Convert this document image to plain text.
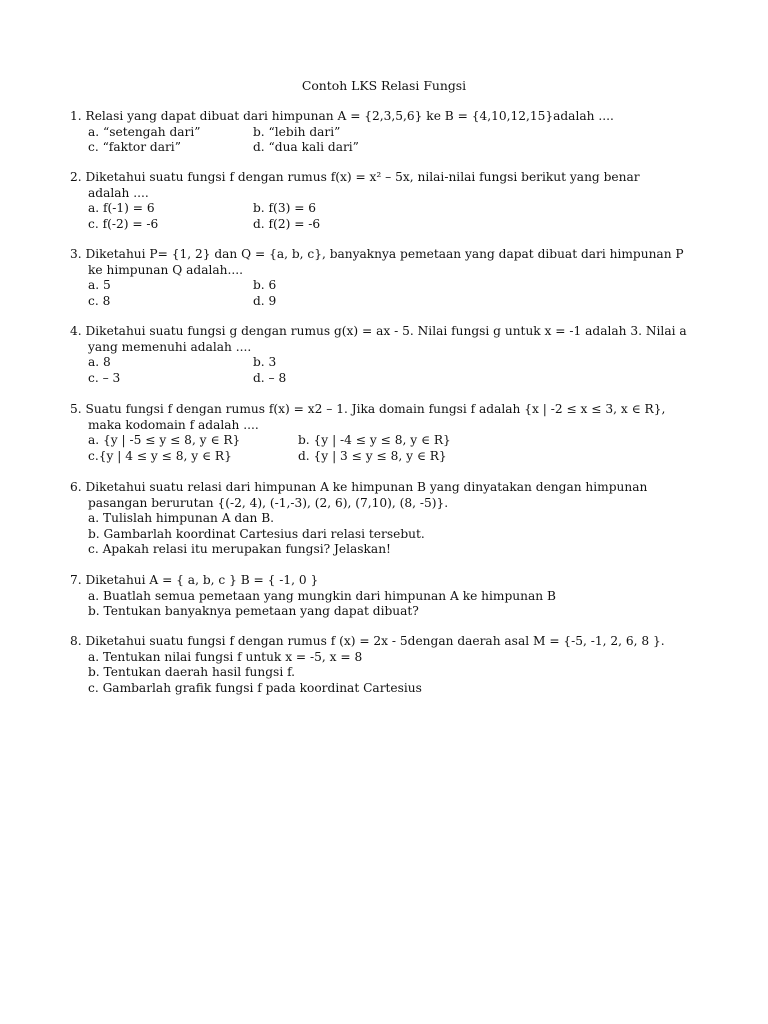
Contoh LKS Relasi Fungsi
1. Relasi yang dapat dibuat dari himpunan A = {2,3,5,6} ke B = {4,10,12,15}adalah ....
a. “setengah dari”	b. “lebih dari”
c. “faktor dari”	d. “dua kali dari”
2. Diketahui suatu fungsi f dengan rumus f(x) = x² – 5x, nilai-nilai fungsi berikut yang benar
adalah ....
a. f(-1) = 6	b. f(3) = 6
c. f(-2) = -6	d. f(2) = -6
3. Diketahui P= {1, 2} dan Q = {a, b, c}, banyaknya pemetaan yang dapat dibuat dari himpunan P
ke himpunan Q adalah....
a. 5	b. 6
c. 8	d. 9
4. Diketahui suatu fungsi g dengan rumus g(x) = ax - 5. Nilai fungsi g untuk x = -1 adalah 3. Nilai a
yang memenuhi adalah ....
a. 8	b. 3
c. – 3	d. – 8
5. Suatu fungsi f dengan rumus f(x) = x2 – 1. Jika domain fungsi f adalah {x | -2 ≤ x ≤ 3, x ∈ R},
maka kodomain f adalah ....
a. {y | -5 ≤ y ≤ 8, y ∈ R}	b. {y | -4 ≤ y ≤ 8, y ∈ R}
c.{y | 4 ≤ y ≤ 8, y ∈ R}	d. {y | 3 ≤ y ≤ 8, y ∈ R}
6. Diketahui suatu relasi dari himpunan A ke himpunan B yang dinyatakan dengan himpunan
pasangan berurutan {(-2, 4), (-1,-3), (2, 6), (7,10), (8, -5)}.
a. Tulislah himpunan A dan B.
b. Gambarlah koordinat Cartesius dari relasi tersebut.
c. Apakah relasi itu merupakan fungsi? Jelaskan!
7. Diketahui A = { a, b, c } B = { -1, 0 }
a. Buatlah semua pemetaan yang mungkin dari himpunan A ke himpunan B
b. Tentukan banyaknya pemetaan yang dapat dibuat?
8. Diketahui suatu fungsi f dengan rumus f (x) = 2x - 5dengan daerah asal M = {-5, -1, 2, 6, 8 }.
a. Tentukan nilai fungsi f untuk x = -5, x = 8
b. Tentukan daerah hasil fungsi f.
c. Gambarlah grafik fungsi f pada koordinat Cartesius
